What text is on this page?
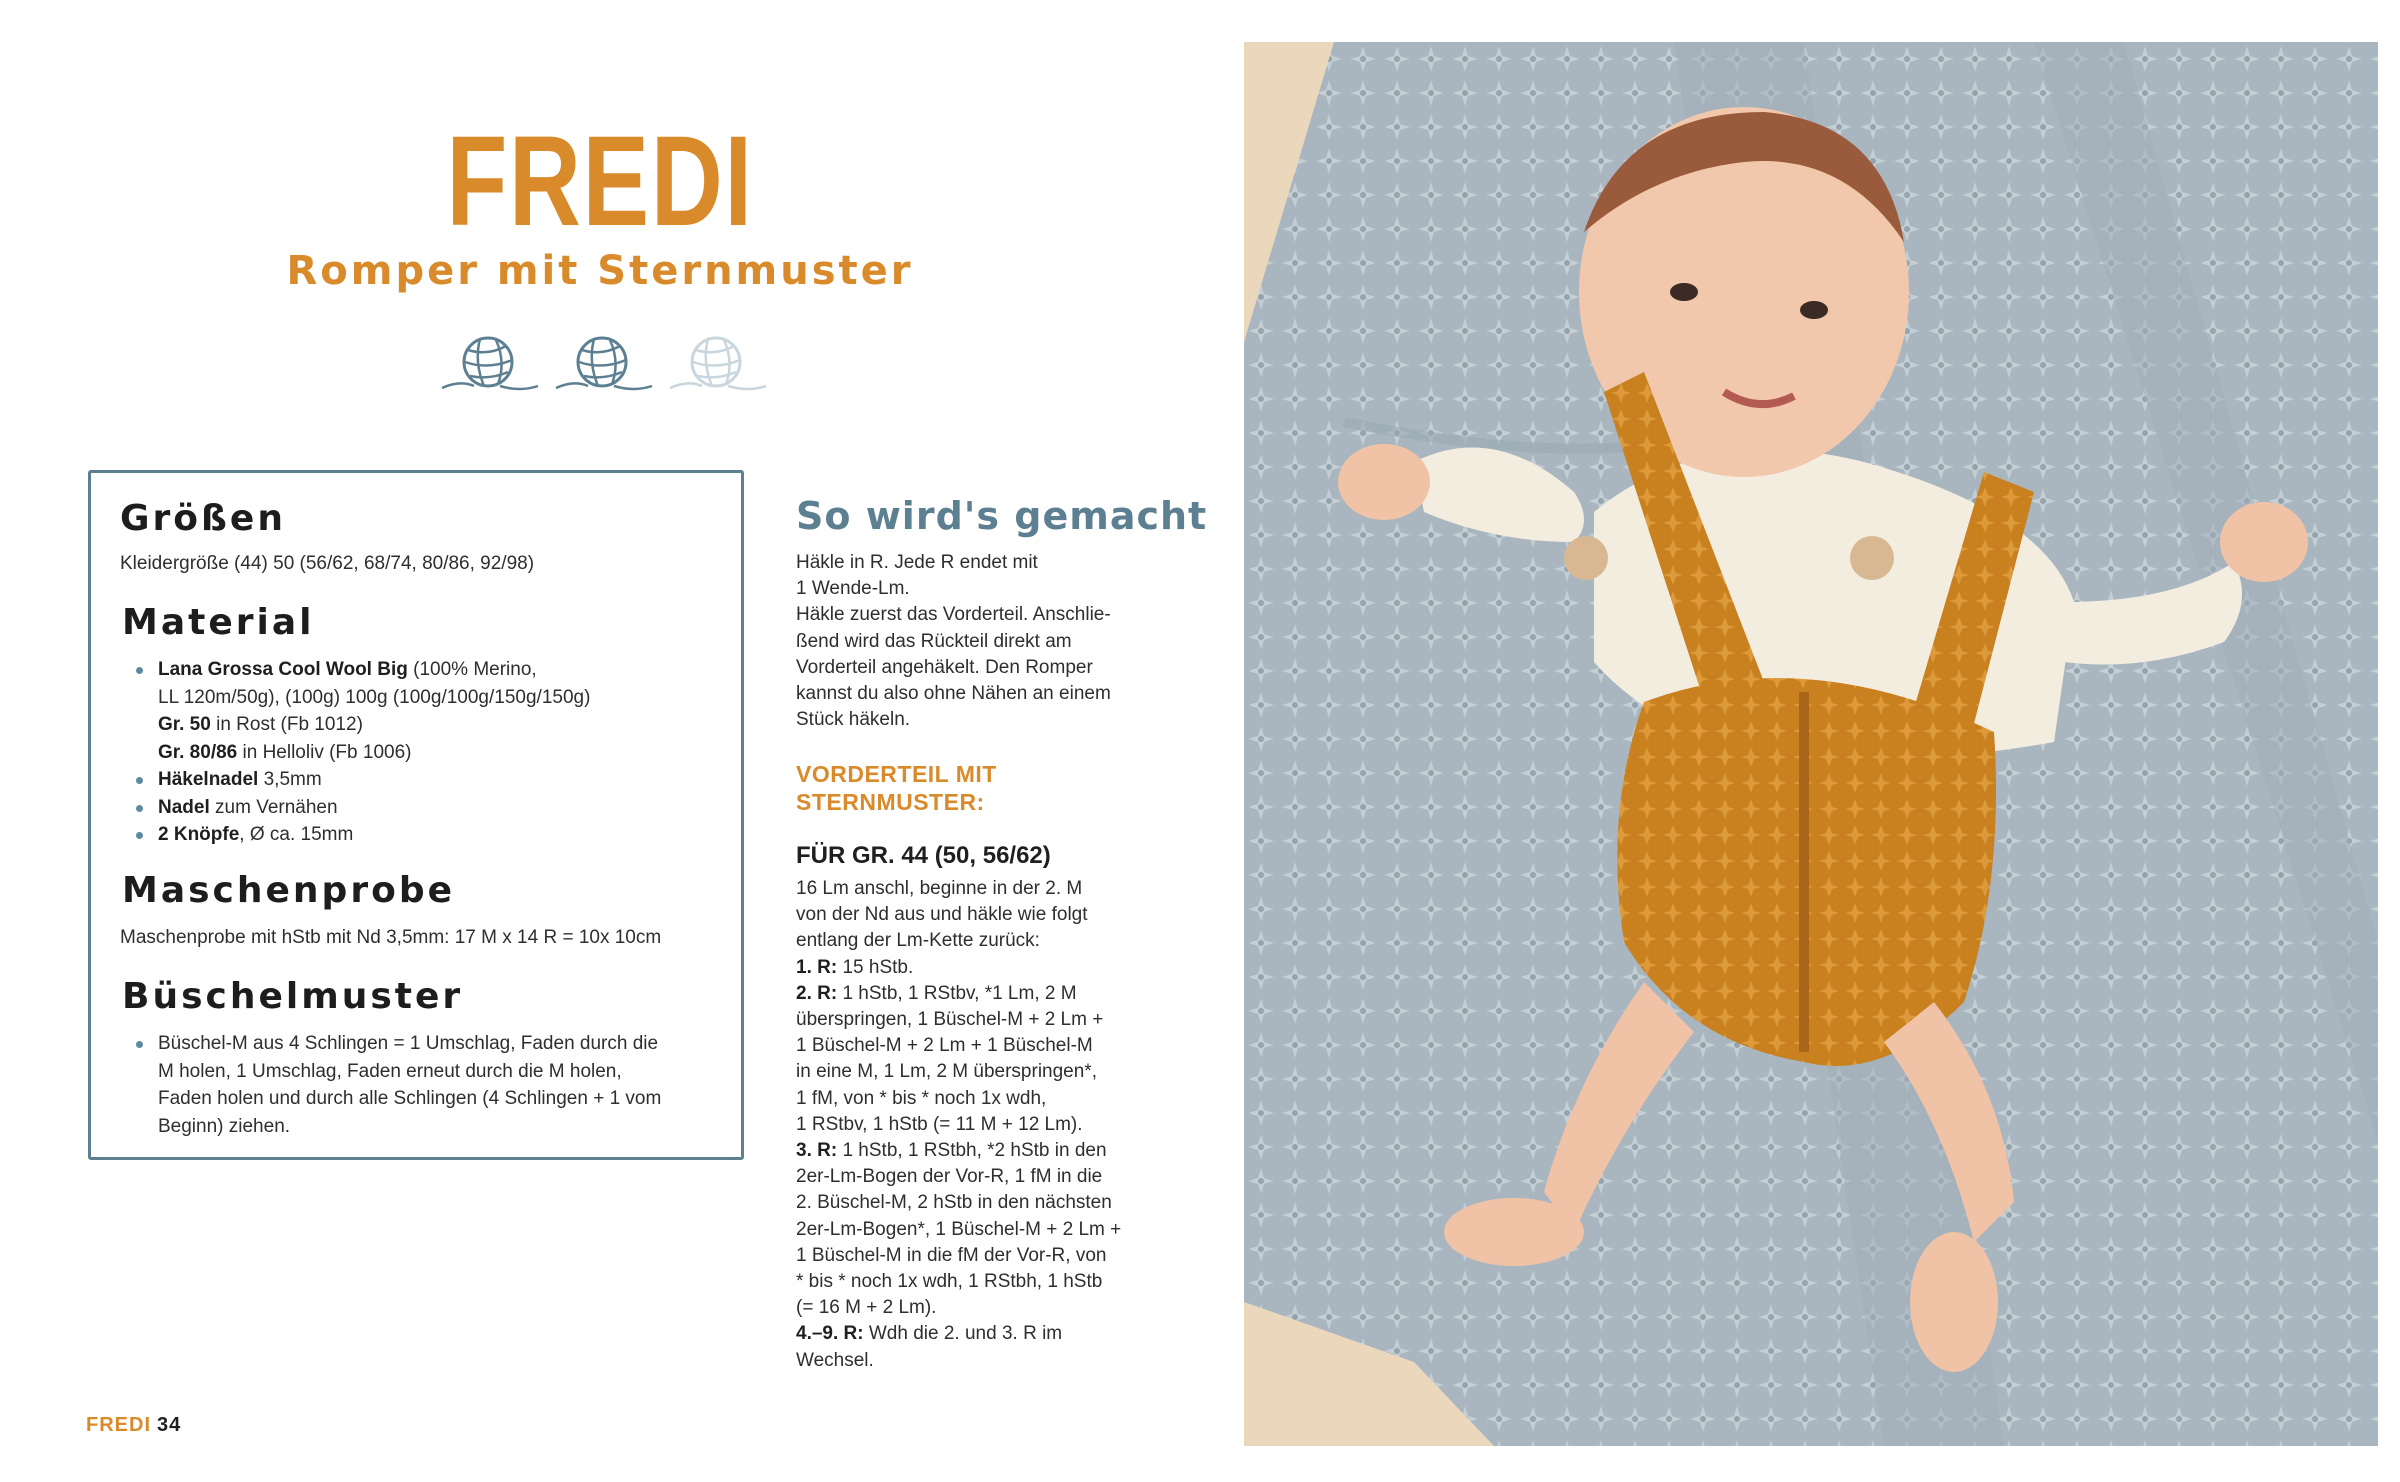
FREDI
Romper mit Sternmuster
Größen

Kleidergröße (44) 50 (56/62, 68/74, 80/86, 92/98)

Material
Lana Grossa Cool Wool Big (100% Merino,
LL 120m/50g), (100g) 100g (100g/100g/150g/150g)
Gr. 50 in Rost (Fb 1012)
Gr. 80/86 in Helloliv (Fb 1006)
Häkelnadel 3,5mm
Nadel zum Vernähen
2 Knöpfe, Ø ca. 15mm
Maschenprobe

Maschenprobe mit hStb mit Nd 3,5mm: 17 M x 14 R = 10x 10cm

Büschelmuster
Büschel-M aus 4 Schlingen = 1 Umschlag, Faden durch die
M holen, 1 Umschlag, Faden erneut durch die M holen,
Faden holen und durch alle Schlingen (4 Schlingen + 1 vom
Beginn) ziehen.
So wird's gemacht
Häkle in R. Jede R endet mit
1 Wende-Lm.
Häkle zuerst das Vorderteil. Anschlie-
ßend wird das Rückteil direkt am
Vorderteil angehäkelt. Den Romper
kannst du also ohne Nähen an einem
Stück häkeln.
VORDERTEIL MIT
STERNMUSTER:
FÜR GR. 44 (50, 56/62)
16 Lm anschl, beginne in der 2. M
von der Nd aus und häkle wie folgt
entlang der Lm-Kette zurück:
1. R: 15 hStb.
2. R: 1 hStb, 1 RStbv, *1 Lm, 2 M
überspringen, 1 Büschel-M + 2 Lm +
1 Büschel-M + 2 Lm + 1 Büschel-M
in eine M, 1 Lm, 2 M überspringen*,
1 fM, von * bis * noch 1x wdh,
1 RStbv, 1 hStb (= 11 M + 12 Lm).
3. R: 1 hStb, 1 RStbh, *2 hStb in den
2er-Lm-Bogen der Vor-R, 1 fM in die
2. Büschel-M, 2 hStb in den nächsten
2er-Lm-Bogen*, 1 Büschel-M + 2 Lm +
1 Büschel-M in die fM der Vor-R, von
* bis * noch 1x wdh, 1 RStbh, 1 hStb
(= 16 M + 2 Lm).
4.–9. R: Wdh die 2. und 3. R im
Wechsel.
FREDI 34
